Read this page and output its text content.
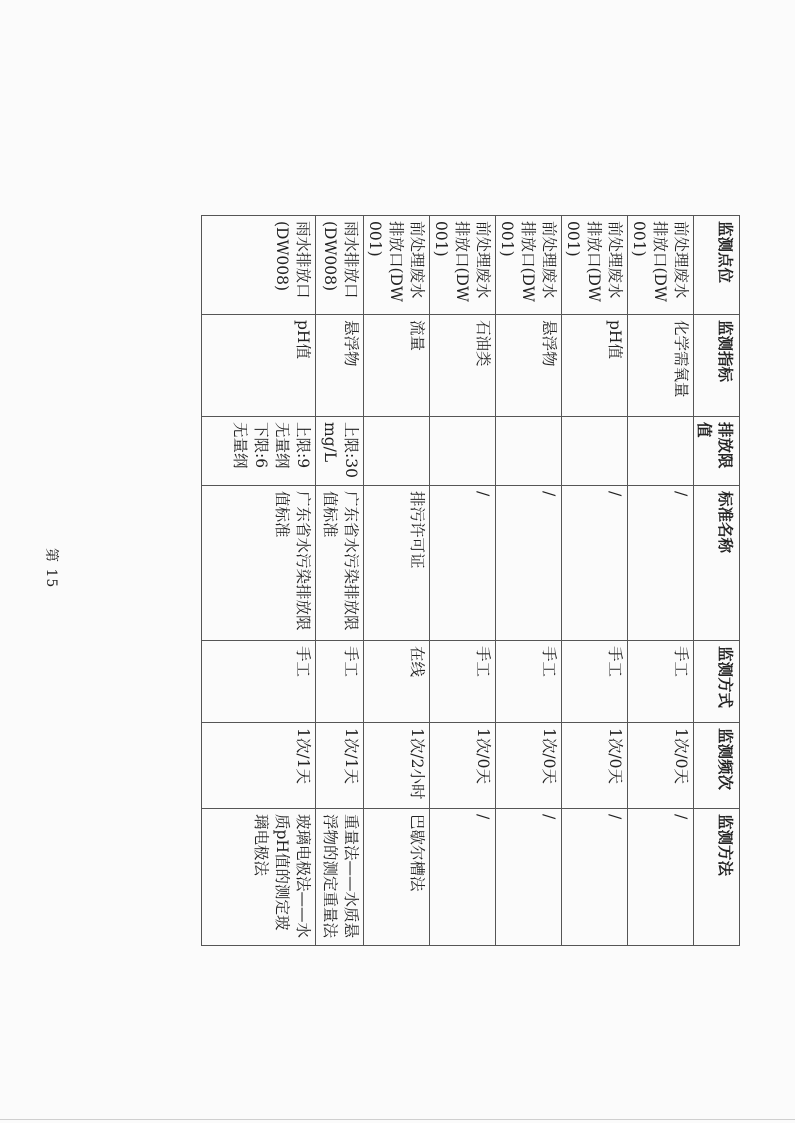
监测点位	监测指标	排放限值	标准名称	监测方式	监测频次	监测方法
前处理废水排放口(DW001)	化学需氧量		/	手工	1次/0天	/
前处理废水排放口(DW001)	pH值		/	手工	1次/0天	/
前处理废水排放口(DW001)	悬浮物		/	手工	1次/0天	/
前处理废水排放口(DW001)	石油类		/	手工	1次/0天	/
前处理废水排放口(DW001)	流量		排污许可证	在线	1次/2小时	巴歇尔槽法
雨水排放口(DW008)	悬浮物	上限:30mg/L	广东省水污染排放限值标准	手工	1次/1天	重量法——水质悬浮物的测定重量法
雨水排放口(DW008)	pH值	上限:9无量纲下限:6无量纲	广东省水污染排放限值标准	手工	1次/1天	玻璃电极法——水质pH值的测定玻璃电极法
第 15
